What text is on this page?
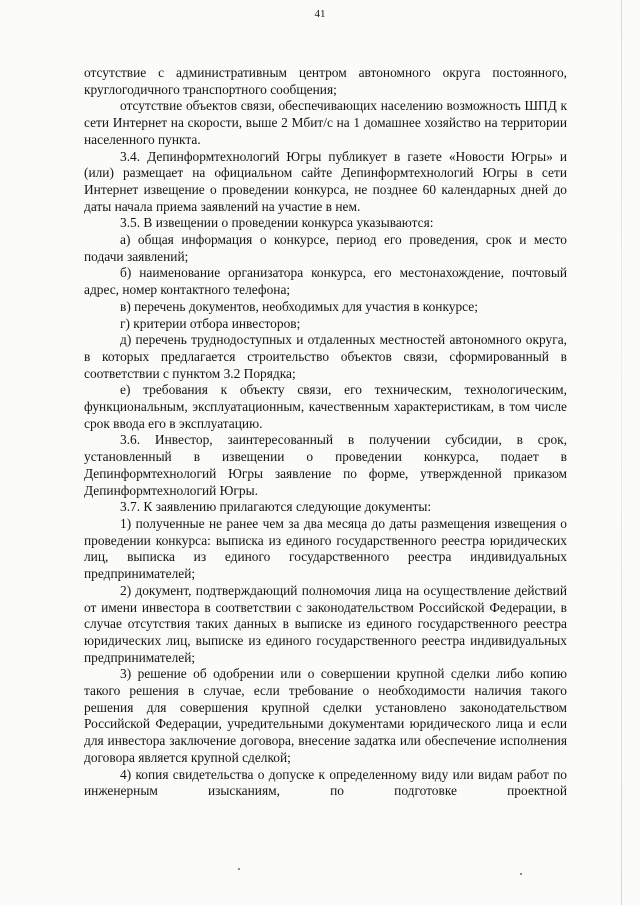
41

отсутствие с административным центром автономного округа постоянного, круглогодичного транспортного сообщения;

отсутствие объектов связи, обеспечивающих населению возможность ШПД к сети Интернет на скорости, выше 2 Мбит/с на 1 домашнее хозяйство на территории населенного пункта.

3.4. Депинформтехнологий Югры публикует в газете «Новости Югры» и (или) размещает на официальном сайте Депинформтехнологий Югры в сети Интернет извещение о проведении конкурса, не позднее 60 календарных дней до даты начала приема заявлений на участие в нем.

3.5. В извещении о проведении конкурса указываются:

а) общая информация о конкурсе, период его проведения, срок и место подачи заявлений;

б) наименование организатора конкурса, его местонахождение, почтовый адрес, номер контактного телефона;

в) перечень документов, необходимых для участия в конкурсе;

г) критерии отбора инвесторов;

д) перечень труднодоступных и отдаленных местностей автономного округа, в которых предлагается строительство объектов связи, сформированный в соответствии с пунктом 3.2 Порядка;

е) требования к объекту связи, его техническим, технологическим, функциональным, эксплуатационным, качественным характеристикам, в том числе срок ввода его в эксплуатацию.

3.6. Инвестор, заинтересованный в получении субсидии, в срок, установленный в извещении о проведении конкурса, подает в Депинформтехнологий Югры заявление по форме, утвержденной приказом Депинформтехнологий Югры.

3.7. К заявлению прилагаются следующие документы:

1) полученные не ранее чем за два месяца до даты размещения извещения о проведении конкурса: выписка из единого государственного реестра юридических лиц, выписка из единого государственного реестра индивидуальных предпринимателей;

2) документ, подтверждающий полномочия лица на осуществление действий от имени инвестора в соответствии с законодательством Российской Федерации, в случае отсутствия таких данных в выписке из единого государственного реестра юридических лиц, выписке из единого государственного реестра индивидуальных предпринимателей;

3) решение об одобрении или о совершении крупной сделки либо копию такого решения в случае, если требование о необходимости наличия такого решения для совершения крупной сделки установлено законодательством Российской Федерации, учредительными документами юридического лица и если для инвестора заключение договора, внесение задатка или обеспечение исполнения договора является крупной сделкой;

4) копия свидетельства о допуске к определенному виду или видам работ по инженерным изысканиям, по подготовке проектной
